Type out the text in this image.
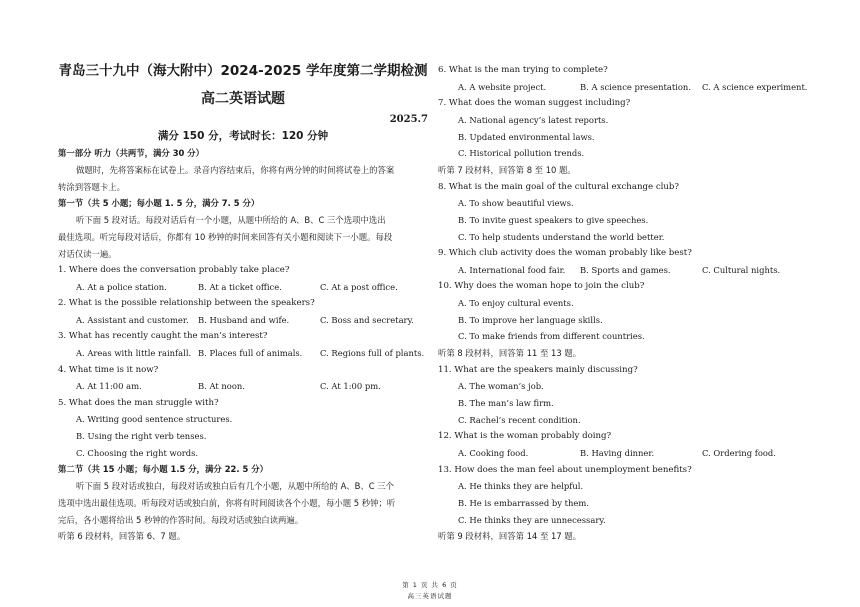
青岛三十九中（海大附中）2024-2025 学年度第二学期检测
高二英语试题
2025.7
满分 150 分，考试时长：120 分钟
第一部分 听力（共两节，满分 30 分）
做题时，先将答案标在试卷上。录音内容结束后，你将有两分钟的时间将试卷上的答案
转涂到答题卡上。
第一节（共 5 小题；每小题 1. 5 分，满分 7. 5 分）
听下面 5 段对话。每段对话后有一个小题，从题中所给的 A、B、C 三个选项中选出
最佳选项。听完每段对话后，你都有 10 秒钟的时间来回答有关小题和阅读下一小题。每段
对话仅读一遍。
1. Where does the conversation probably take place?
A. At a police station.	B. At a ticket office.	C. At a post office.
2. What is the possible relationship between the speakers?
A. Assistant and customer. B. Husband and wife.	C. Boss and secretary.
3. What has recently caught the man’s interest?
A. Areas with little rainfall. B. Places full of animals. C. Regions full of plants.
4. What time is it now?
A. At 11:00 am.	B. At noon.	C. At 1:00 pm.
5. What does the man struggle with?
A. Writing good sentence structures.
B. Using the right verb tenses.
C. Choosing the right words.
第二节（共 15 小题；每小题 1.5 分，满分 22. 5 分）
听下面 5 段对话或独白，每段对话或独白后有几个小题，从题中所给的 A、B、C 三个
选项中选出最佳选项。听每段对话或独白前，你将有时间阅读各个小题，每小题 5 秒钟；听
完后，各小题将给出 5 秒钟的作答时间。每段对话或独白读两遍。
听第 6 段材料，回答第 6、7 题。
6. What is the man trying to complete?
A. A website project.	B. A science presentation. C. A science experiment.
7. What does the woman suggest including?
A. National agency’s latest reports.
B. Updated environmental laws.
C. Historical pollution trends.
听第 7 段材料，回答第 8 至 10 题。
8. What is the main goal of the cultural exchange club?
A. To show beautiful views.
B. To invite guest speakers to give speeches.
C. To help students understand the world better.
9. Which club activity does the woman probably like best?
A. International food fair. B. Sports and games.	C. Cultural nights.
10. Why does the woman hope to join the club?
A. To enjoy cultural events.
B. To improve her language skills.
C. To make friends from different countries.
听第 8 段材料，回答第 11 至 13 题。
11. What are the speakers mainly discussing?
A. The woman’s job.
B. The man’s law firm.
C. Rachel’s recent condition.
12. What is the woman probably doing?
A. Cooking food.	B. Having dinner.	C. Ordering food.
13. How does the man feel about unemployment benefits?
A. He thinks they are helpful.
B. He is embarrassed by them.
C. He thinks they are unnecessary.
听第 9 段材料，回答第 14 至 17 题。
第 1 页 共 6 页
高三英语试题
